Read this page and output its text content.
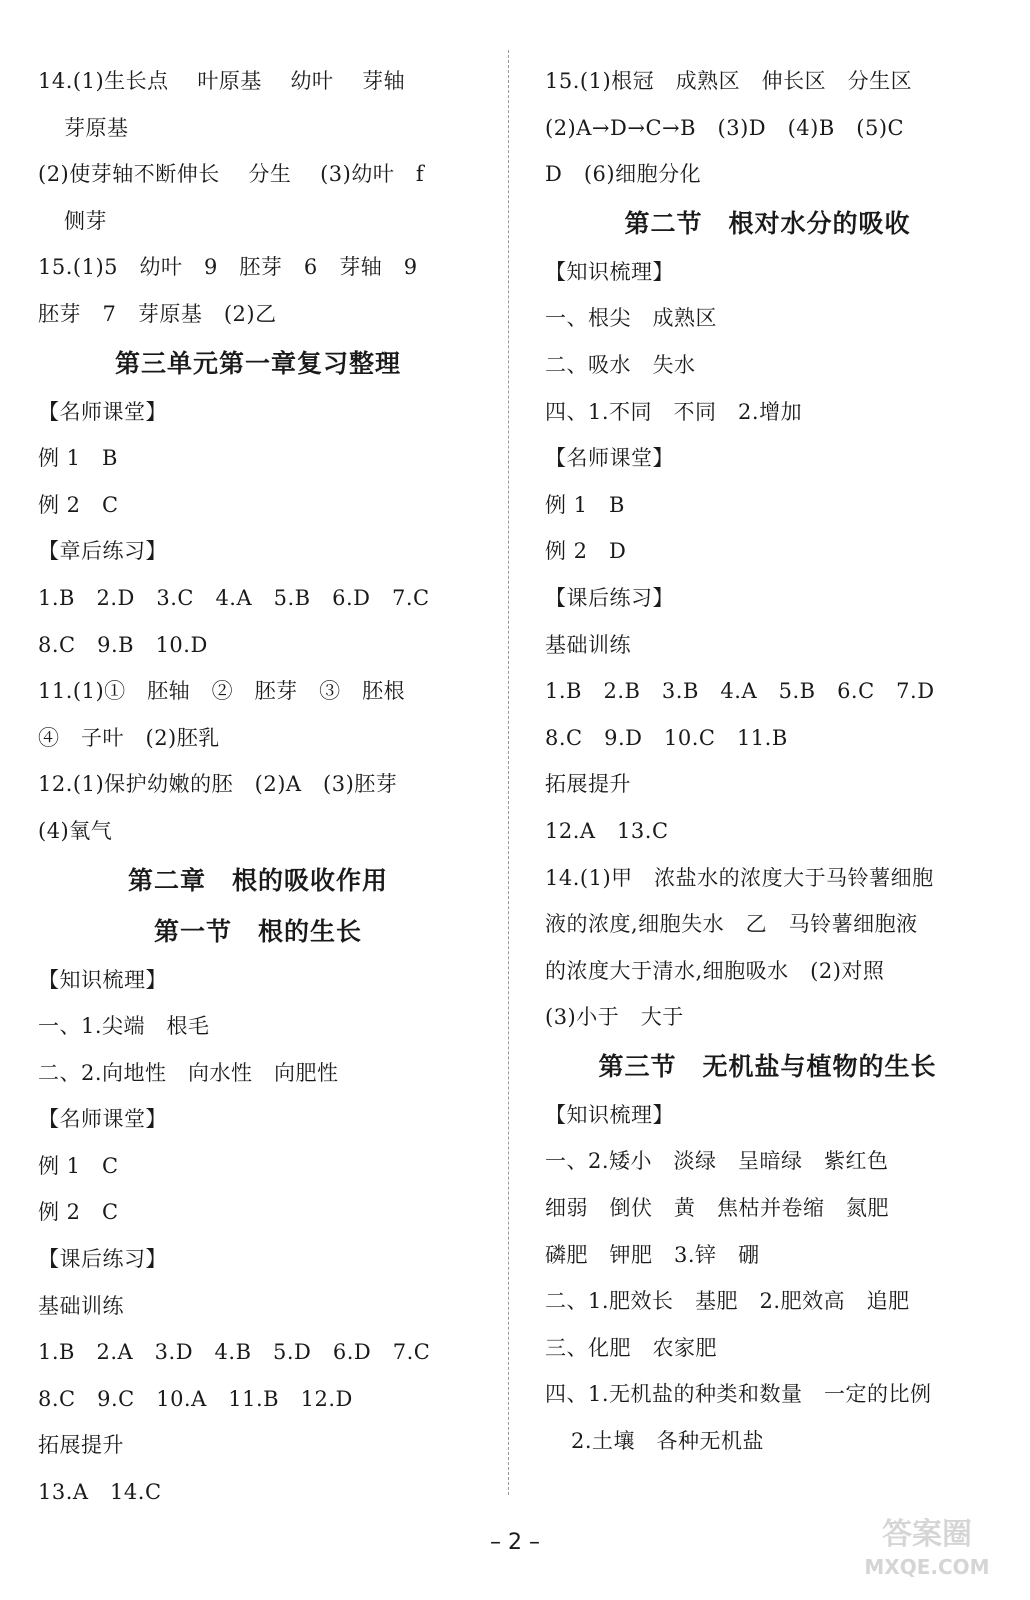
14.(1)生长点　 叶原基　 幼叶　 芽轴
芽原基
(2)使芽轴不断伸长　 分生　 (3)幼叶　f
侧芽
15.(1)5　幼叶　9　胚芽　6　芽轴　9
胚芽　7　芽原基　(2)乙
第三单元第一章复习整理
【名师课堂】
例 1　B
例 2　C
【章后练习】
1.B　2.D　3.C　4.A　5.B　6.D　7.C
8.C　9.B　10.D
11.(1)①　胚轴　②　胚芽　③　胚根
④　子叶　(2)胚乳
12.(1)保护幼嫩的胚　(2)A　(3)胚芽
(4)氧气
第二章　根的吸收作用
第一节　根的生长
【知识梳理】
一、1.尖端　根毛
二、2.向地性　向水性　向肥性
【名师课堂】
例 1　C
例 2　C
【课后练习】
基础训练
1.B　2.A　3.D　4.B　5.D　6.D　7.C
8.C　9.C　10.A　11.B　12.D
拓展提升
13.A　14.C
15.(1)根冠　成熟区　伸长区　分生区
(2)A→D→C→B　(3)D　(4)B　(5)C
D　(6)细胞分化
第二节　根对水分的吸收
【知识梳理】
一、根尖　成熟区
二、吸水　失水
四、1.不同　不同　2.增加
【名师课堂】
例 1　B
例 2　D
【课后练习】
基础训练
1.B　2.B　3.B　4.A　5.B　6.C　7.D
8.C　9.D　10.C　11.B
拓展提升
12.A　13.C
14.(1)甲　浓盐水的浓度大于马铃薯细胞
液的浓度,细胞失水　乙　马铃薯细胞液
的浓度大于清水,细胞吸水　(2)对照
(3)小于　大于
第三节　无机盐与植物的生长
【知识梳理】
一、2.矮小　淡绿　呈暗绿　紫红色
细弱　倒伏　黄　焦枯并卷缩　氮肥
磷肥　钾肥　3.锌　硼
二、1.肥效长　基肥　2.肥效高　追肥
三、化肥　农家肥
四、1.无机盐的种类和数量　一定的比例
2.土壤　各种无机盐
– 2 –	答案圈
MXQE.COM
